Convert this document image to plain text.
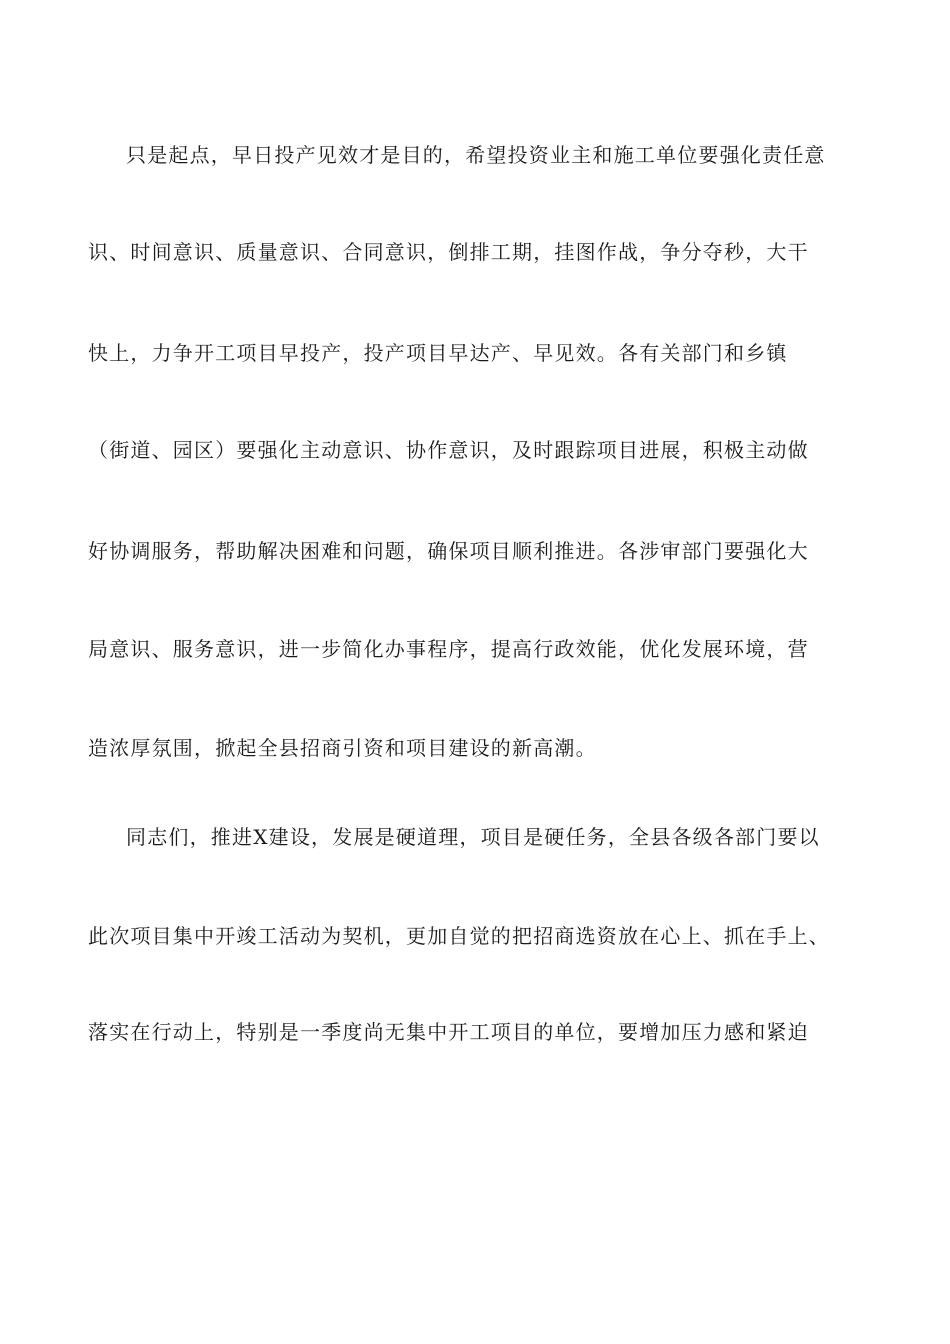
只是起点，早日投产见效才是目的，希望投资业主和施工单位要强化责任意
识、时间意识、质量意识、合同意识，倒排工期，挂图作战，争分夺秒，大干
快上，力争开工项目早投产，投产项目早达产、早见效。各有关部门和乡镇
（街道、园区）要强化主动意识、协作意识，及时跟踪项目进展，积极主动做
好协调服务，帮助解决困难和问题，确保项目顺利推进。各涉审部门要强化大
局意识、服务意识，进一步简化办事程序，提高行政效能，优化发展环境，营
造浓厚氛围，掀起全县招商引资和项目建设的新高潮。
同志们，推进X建设，发展是硬道理，项目是硬任务，全县各级各部门要以
此次项目集中开竣工活动为契机，更加自觉的把招商选资放在心上、抓在手上、
落实在行动上，特别是一季度尚无集中开工项目的单位，要增加压力感和紧迫
